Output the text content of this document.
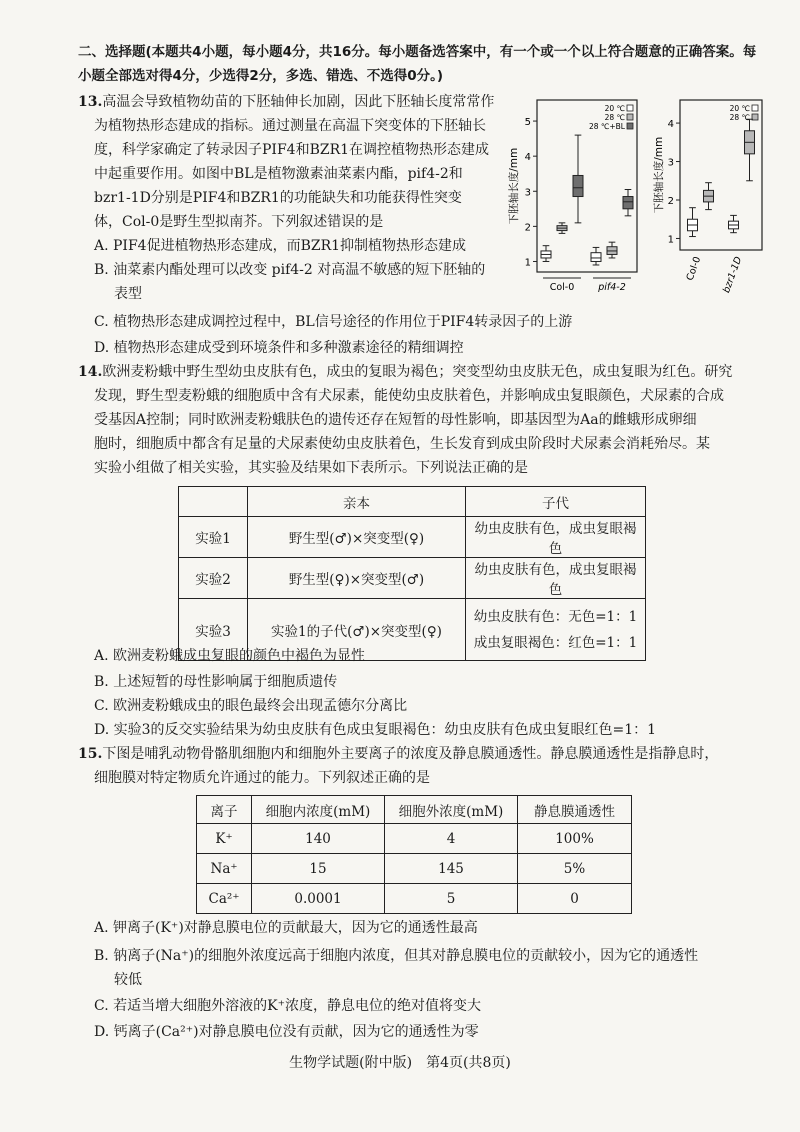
二、选择题(本题共4小题，每小题4分，共16分。每小题备选答案中，有一个或一个以上符合题意的正确答案。每小题全部选对得4分，少选得2分，多选、错选、不选得0分。)
13.高温会导致植物幼苗的下胚轴伸长加剧，因此下胚轴长度常常作
为植物热形态建成的指标。通过测量在高温下突变体的下胚轴长
度，科学家确定了转录因子PIF4和BZR1在调控植物热形态建成
中起重要作用。如图中BL是植物激素油菜素内酯，pif4-2和
bzr1-1D分别是PIF4和BZR1的功能缺失和功能获得性突变
体，Col-0是野生型拟南芥。下列叙述错误的是
A. PIF4促进植物热形态建成，而BZR1抑制植物热形态建成
B. 油菜素内酯处理可以改变 pif4-2 对高温不敏感的短下胚轴的
表型
C. 植物热形态建成调控过程中，BL信号途径的作用位于PIF4转录因子的上游
D. 植物热形态建成受到环境条件和多种激素途径的精细调控
1
2
3
4
5
下胚轴长度/mm
20 ℃
28 ℃
28 ℃+BL
Col-0	pif4-2
1
2
3
4
下胚轴长度/mm
20 ℃
28 ℃
Col-0 bzr1-1D
14.欧洲麦粉蛾中野生型幼虫皮肤有色，成虫的复眼为褐色；突变型幼虫皮肤无色，成虫复眼为红色。研究
发现，野生型麦粉蛾的细胞质中含有犬尿素，能使幼虫皮肤着色，并影响成虫复眼颜色，犬尿素的合成
受基因A控制；同时欧洲麦粉蛾肤色的遗传还存在短暂的母性影响，即基因型为Aa的雌蛾形成卵细
胞时，细胞质中都含有足量的犬尿素使幼虫皮肤着色，生长发育到成虫阶段时犬尿素会消耗殆尽。某
实验小组做了相关实验，其实验及结果如下表所示。下列说法正确的是
	亲本	子代
实验1	野生型(♂)×突变型(♀)	幼虫皮肤有色，成虫复眼褐色
实验2	野生型(♀)×突变型(♂)	幼虫皮肤有色，成虫复眼褐色
实验3	实验1的子代(♂)×突变型(♀)	幼虫皮肤有色：无色=1：1
成虫复眼褐色：红色=1：1
A. 欧洲麦粉蛾成虫复眼的颜色中褐色为显性
B. 上述短暂的母性影响属于细胞质遗传
C. 欧洲麦粉蛾成虫的眼色最终会出现孟德尔分离比
D. 实验3的反交实验结果为幼虫皮肤有色成虫复眼褐色：幼虫皮肤有色成虫复眼红色=1：1
15.下图是哺乳动物骨骼肌细胞内和细胞外主要离子的浓度及静息膜通透性。静息膜通透性是指静息时，
细胞膜对特定物质允许通过的能力。下列叙述正确的是
离子	细胞内浓度(mM)	细胞外浓度(mM)	静息膜通透性
K⁺	140	4	100%
Na⁺	15	145	5%
Ca²⁺	0.0001	5	0
A. 钾离子(K⁺)对静息膜电位的贡献最大，因为它的通透性最高
B. 钠离子(Na⁺)的细胞外浓度远高于细胞内浓度，但其对静息膜电位的贡献较小，因为它的通透性
较低
C. 若适当增大细胞外溶液的K⁺浓度，静息电位的绝对值将变大
D. 钙离子(Ca²⁺)对静息膜电位没有贡献，因为它的通透性为零
生物学试题(附中版)　第4页(共8页)
